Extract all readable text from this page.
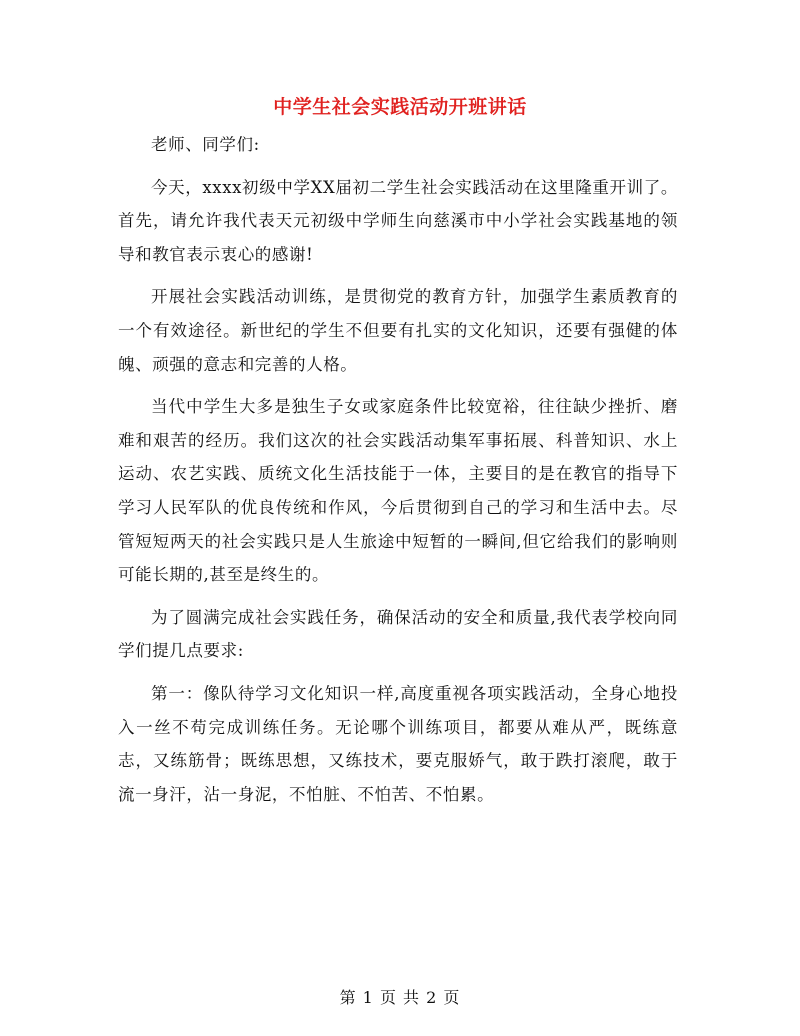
中学生社会实践活动开班讲话

老师、同学们:

今天，xxxx初级中学XX届初二学生社会实践活动在这里隆重开训了。首先，请允许我代表天元初级中学师生向慈溪市中小学社会实践基地的领导和教官表示衷心的感谢!

开展社会实践活动训练，是贯彻党的教育方针，加强学生素质教育的一个有效途径。新世纪的学生不但要有扎实的文化知识，还要有强健的体魄、顽强的意志和完善的人格。

当代中学生大多是独生子女或家庭条件比较宽裕，往往缺少挫折、磨难和艰苦的经历。我们这次的社会实践活动集军事拓展、科普知识、水上运动、农艺实践、质统文化生活技能于一体，主要目的是在教官的指导下学习人民军队的优良传统和作风，今后贯彻到自己的学习和生活中去。尽管短短两天的社会实践只是人生旅途中短暂的一瞬间,但它给我们的影响则可能长期的,甚至是终生的。

为了圆满完成社会实践任务，确保活动的安全和质量,我代表学校向同学们提几点要求:

第一：像队待学习文化知识一样,高度重视各项实践活动，全身心地投入一丝不苟完成训练任务。无论哪个训练项目，都要从难从严，既练意志，又练筋骨；既练思想，又练技术，要克服娇气，敢于跌打滚爬，敢于流一身汗，沾一身泥，不怕脏、不怕苦、不怕累。

第 1 页 共 2 页
